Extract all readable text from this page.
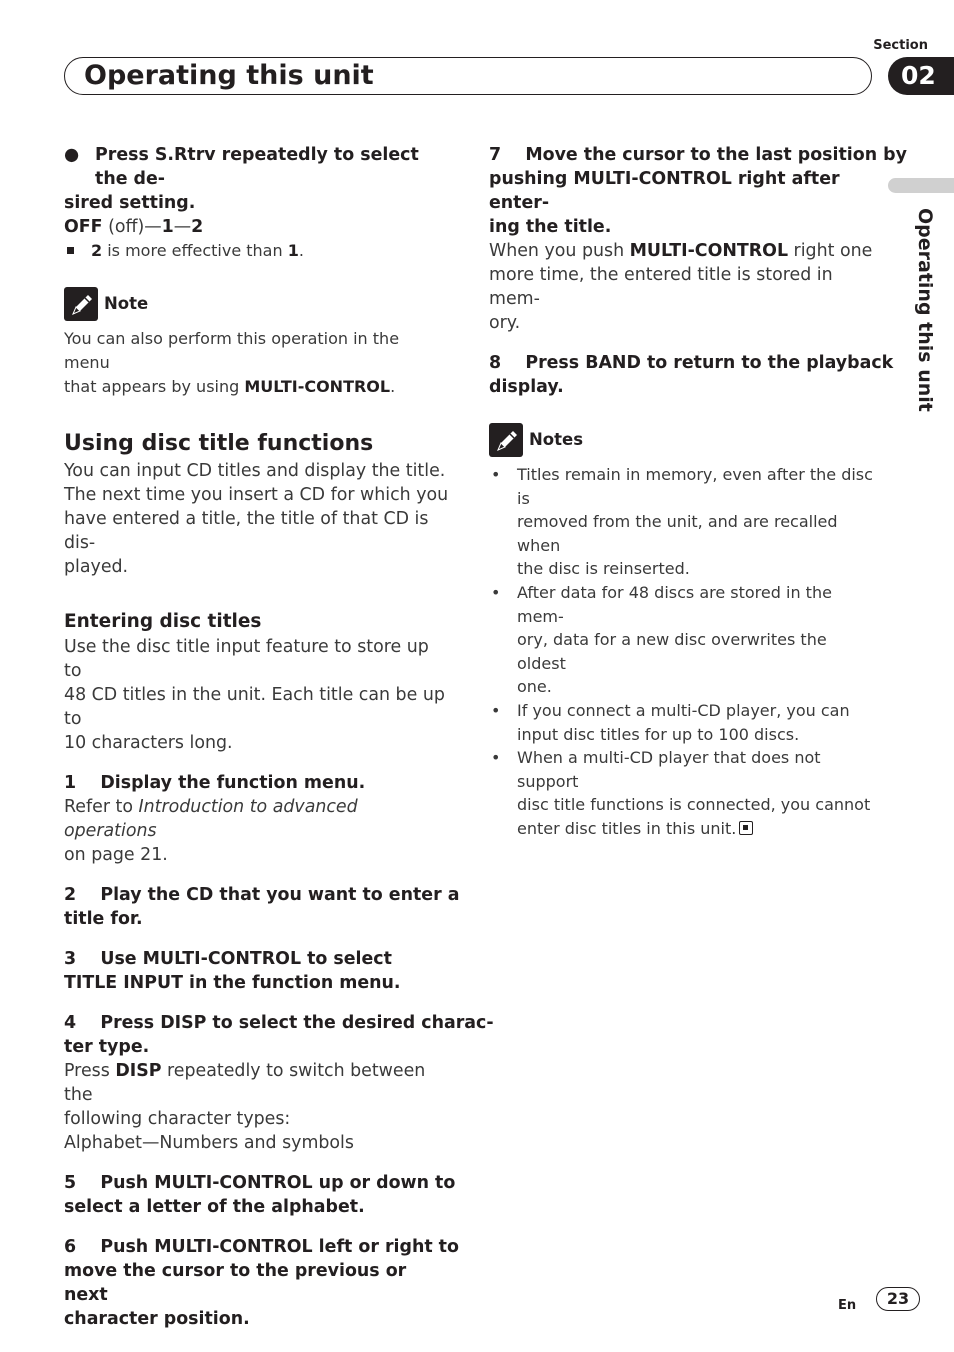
Section
Operating this unit	02
Operating this unit
● Press S.Rtrv repeatedly to select the de-

sired setting.

OFF (off)—1—2

2 is more effective than 1.

Note

You can also perform this operation in the menu

that appears by using MULTI-CONTROL.

Using disc title functions

You can input CD titles and display the title.

The next time you insert a CD for which you

have entered a title, the title of that CD is dis-

played.

Entering disc titles

Use the disc title input feature to store up to

48 CD titles in the unit. Each title can be up to

10 characters long.

1    Display the function menu.

Refer to Introduction to advanced operations

on page 21.

2    Play the CD that you want to enter a

title for.

3    Use MULTI-CONTROL to select

TITLE INPUT in the function menu.

4    Press DISP to select the desired charac-

ter type.

Press DISP repeatedly to switch between the

following character types:

Alphabet—Numbers and symbols

5    Push MULTI-CONTROL up or down to

select a letter of the alphabet.

6    Push MULTI-CONTROL left or right to

move the cursor to the previous or next

character position.

7    Move the cursor to the last position by

pushing MULTI-CONTROL right after enter-

ing the title.

When you push MULTI-CONTROL right one

more time, the entered title is stored in mem-

ory.

8    Press BAND to return to the playback

display.

Notes
•	Titles remain in memory, even after the disc is
removed from the unit, and are recalled when
the disc is reinserted.
•	After data for 48 discs are stored in the mem-
ory, data for a new disc overwrites the oldest
one.
•	If you connect a multi-CD player, you can
input disc titles for up to 100 discs.
•	When a multi-CD player that does not support
disc title functions is connected, you cannot
enter disc titles in this unit.
En	23
